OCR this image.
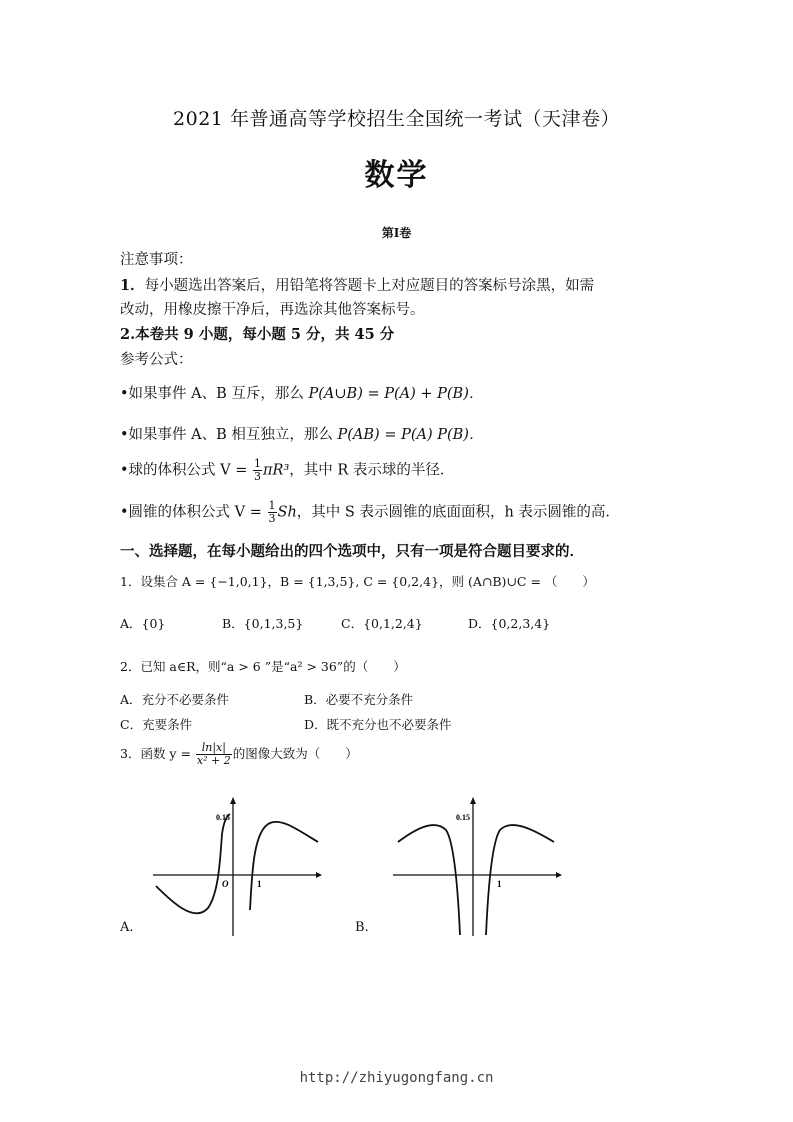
2021 年普通高等学校招生全国统一考试（天津卷）
数学
第Ⅰ卷
注意事项：
1．每小题选出答案后，用铅笔将答题卡上对应题目的答案标号涂黑，如需
改动，用橡皮擦干净后，再选涂其他答案标号。
2.本卷共 9 小题，每小题 5 分，共 45 分
参考公式：
•如果事件 A、B 互斥，那么 P(A∪B) = P(A) + P(B)．
•如果事件 A、B 相互独立，那么 P(AB) = P(A) P(B)．
•球的体积公式 $V = \frac{1}{3} \pi R^3$，其中 R 表示球的半径．
•圆锥的体积公式 $V = \frac{1}{3}$ Sh，其中 S 表示圆锥的底面面积，h 表示圆锥的高．
一、选择题，在每小题给出的四个选项中，只有一项是符合题目要求的．
1．设集合 A = {−1,0,1}，B = {1,3,5}, C = {0,2,4}，则 (A∩B)∪C = （　　）
A．{0}	B．{0,1,3,5}	C．{0,1,2,4}	D．{0,2,3,4}
2．已知 a∈R，则“a > 6 ”是“a² > 36”的（　　）
A．充分不必要条件	B．必要不充分条件
C．充要条件	D．既不充分也不必要条件
3．函数 $y = \frac{\ln|x|}{\text{x² + 2}}$ 的图像大致为（　　）
0.15
O	1
0.15
1
A.	B.
http://zhiyugongfang.cn
